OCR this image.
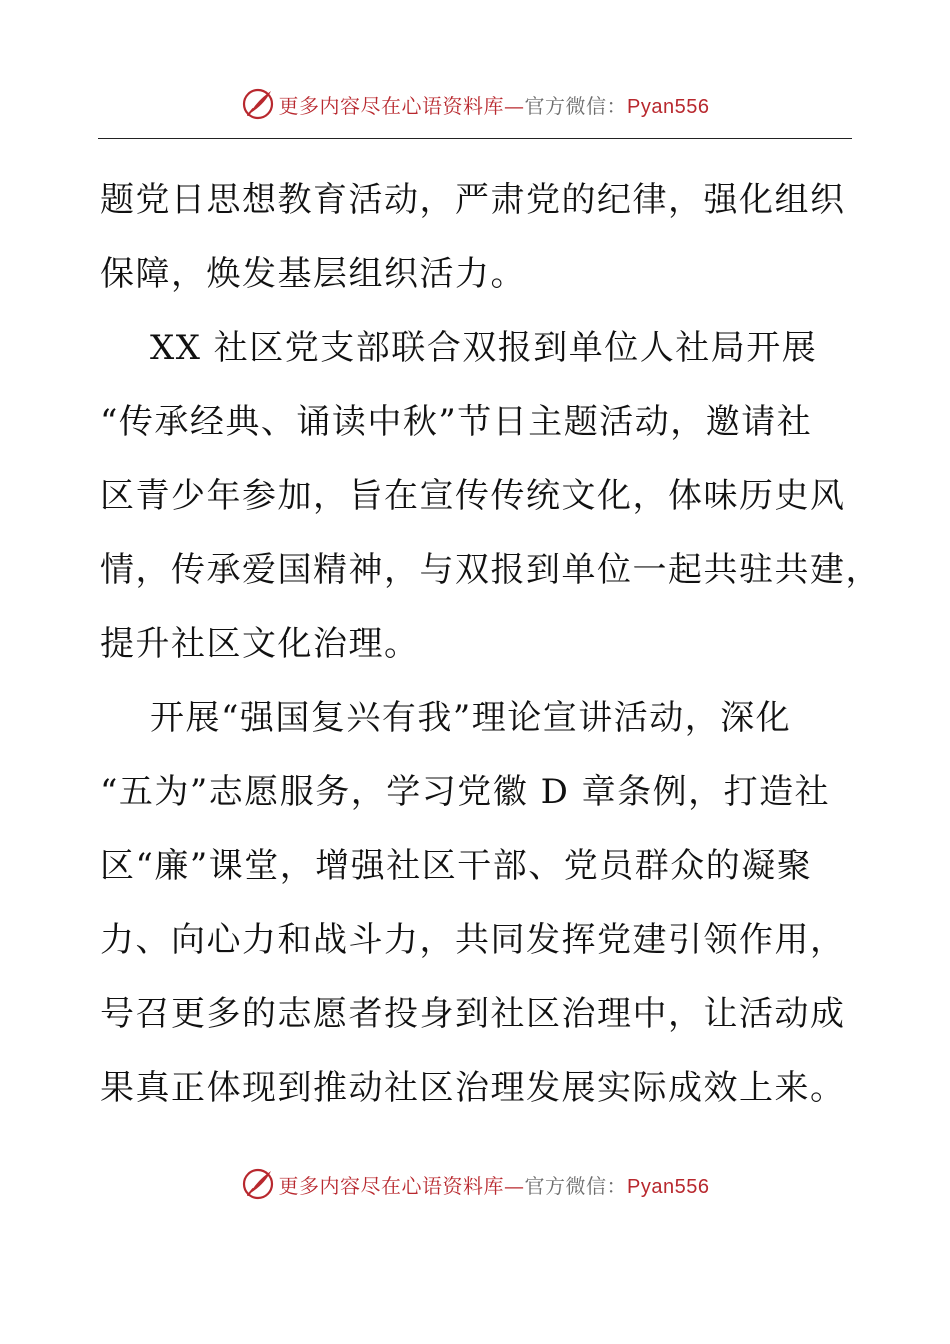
更多内容尽在心语资料库—官方微信：Pyan556
题党日思想教育活动，严肃党的纪律，强化组织
保障，焕发基层组织活力。
XX 社区党支部联合双报到单位人社局开展
“传承经典、诵读中秋”节日主题活动，邀请社
区青少年参加，旨在宣传传统文化，体味历史风
情，传承爱国精神，与双报到单位一起共驻共建，
提升社区文化治理。
开展“强国复兴有我”理论宣讲活动，深化
“五为”志愿服务，学习党徽 D 章条例，打造社
区“廉”课堂，增强社区干部、党员群众的凝聚
力、向心力和战斗力，共同发挥党建引领作用，
号召更多的志愿者投身到社区治理中，让活动成
果真正体现到推动社区治理发展实际成效上来。
更多内容尽在心语资料库—官方微信：Pyan556
